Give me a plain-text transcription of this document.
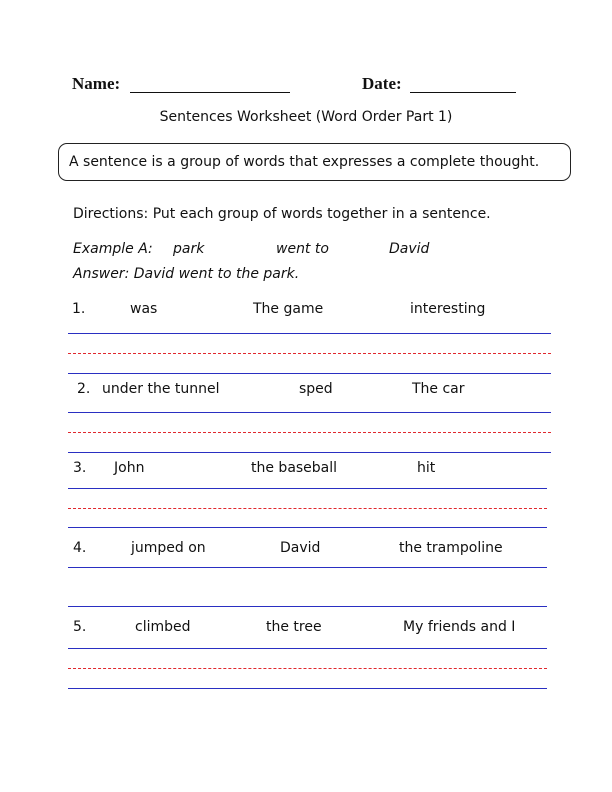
Name:	Date:
Sentences Worksheet (Word Order Part 1)
A sentence is a group of words that expresses a complete thought.
Directions: Put each group of words together in a sentence.
Example A: park	went to	David
Answer: David went to the park.
1.	was	The game	interesting
2. under the tunnel	sped	The car
3. John	the baseball	hit
4.	jumped on	David	the trampoline
5.	climbed	the tree	My friends and I
